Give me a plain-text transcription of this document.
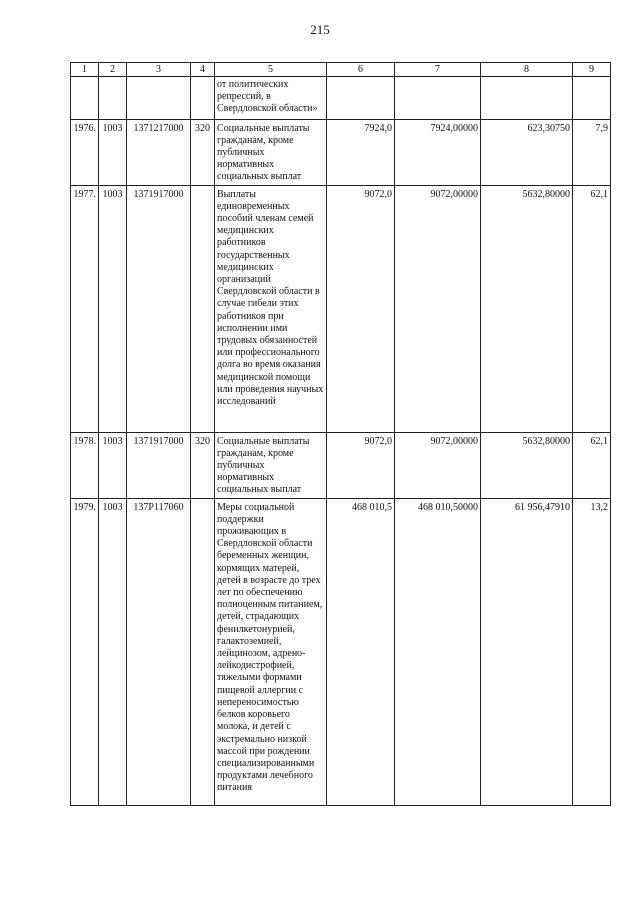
215
1	2	3	4	5	6	7	8	9
				от политических репрессий, в Свердловской области»				
1976.	1003	1371217000	320	Социальные выплаты гражданам, кроме публичных нормативных социальных выплат	7924,0	7924,00000	623,30750	7,9
1977.	1003	1371917000		Выплаты единовременных пособий членам семей медицинских работников государственных медицинских организаций Свердловской области в случае гибели этих работников при исполнении ими трудовых обязанностей или профессионального долга во время оказания медицинской помощи или проведения научных исследований	9072,0	9072,00000	5632,80000	62,1
1978.	1003	1371917000	320	Социальные выплаты гражданам, кроме публичных нормативных социальных выплат	9072,0	9072,00000	5632,80000	62,1
1979.	1003	137P117060		Меры социальной поддержки проживающих в Свердловской области беременных женщин, кормящих матерей, детей в возрасте до трех лет по обеспечению полноценным питанием, детей, страдающих фенилкетонурией, галактоземией, лейцинозом, адрено-лейкодистрофией, тяжелыми формами пищевой аллергии с непереносимостью белков коровьего молока, и детей с экстремально низкой массой при рождении специализированными продуктами лечебного питания	468 010,5	468 010,50000	61 956,47910	13,2
